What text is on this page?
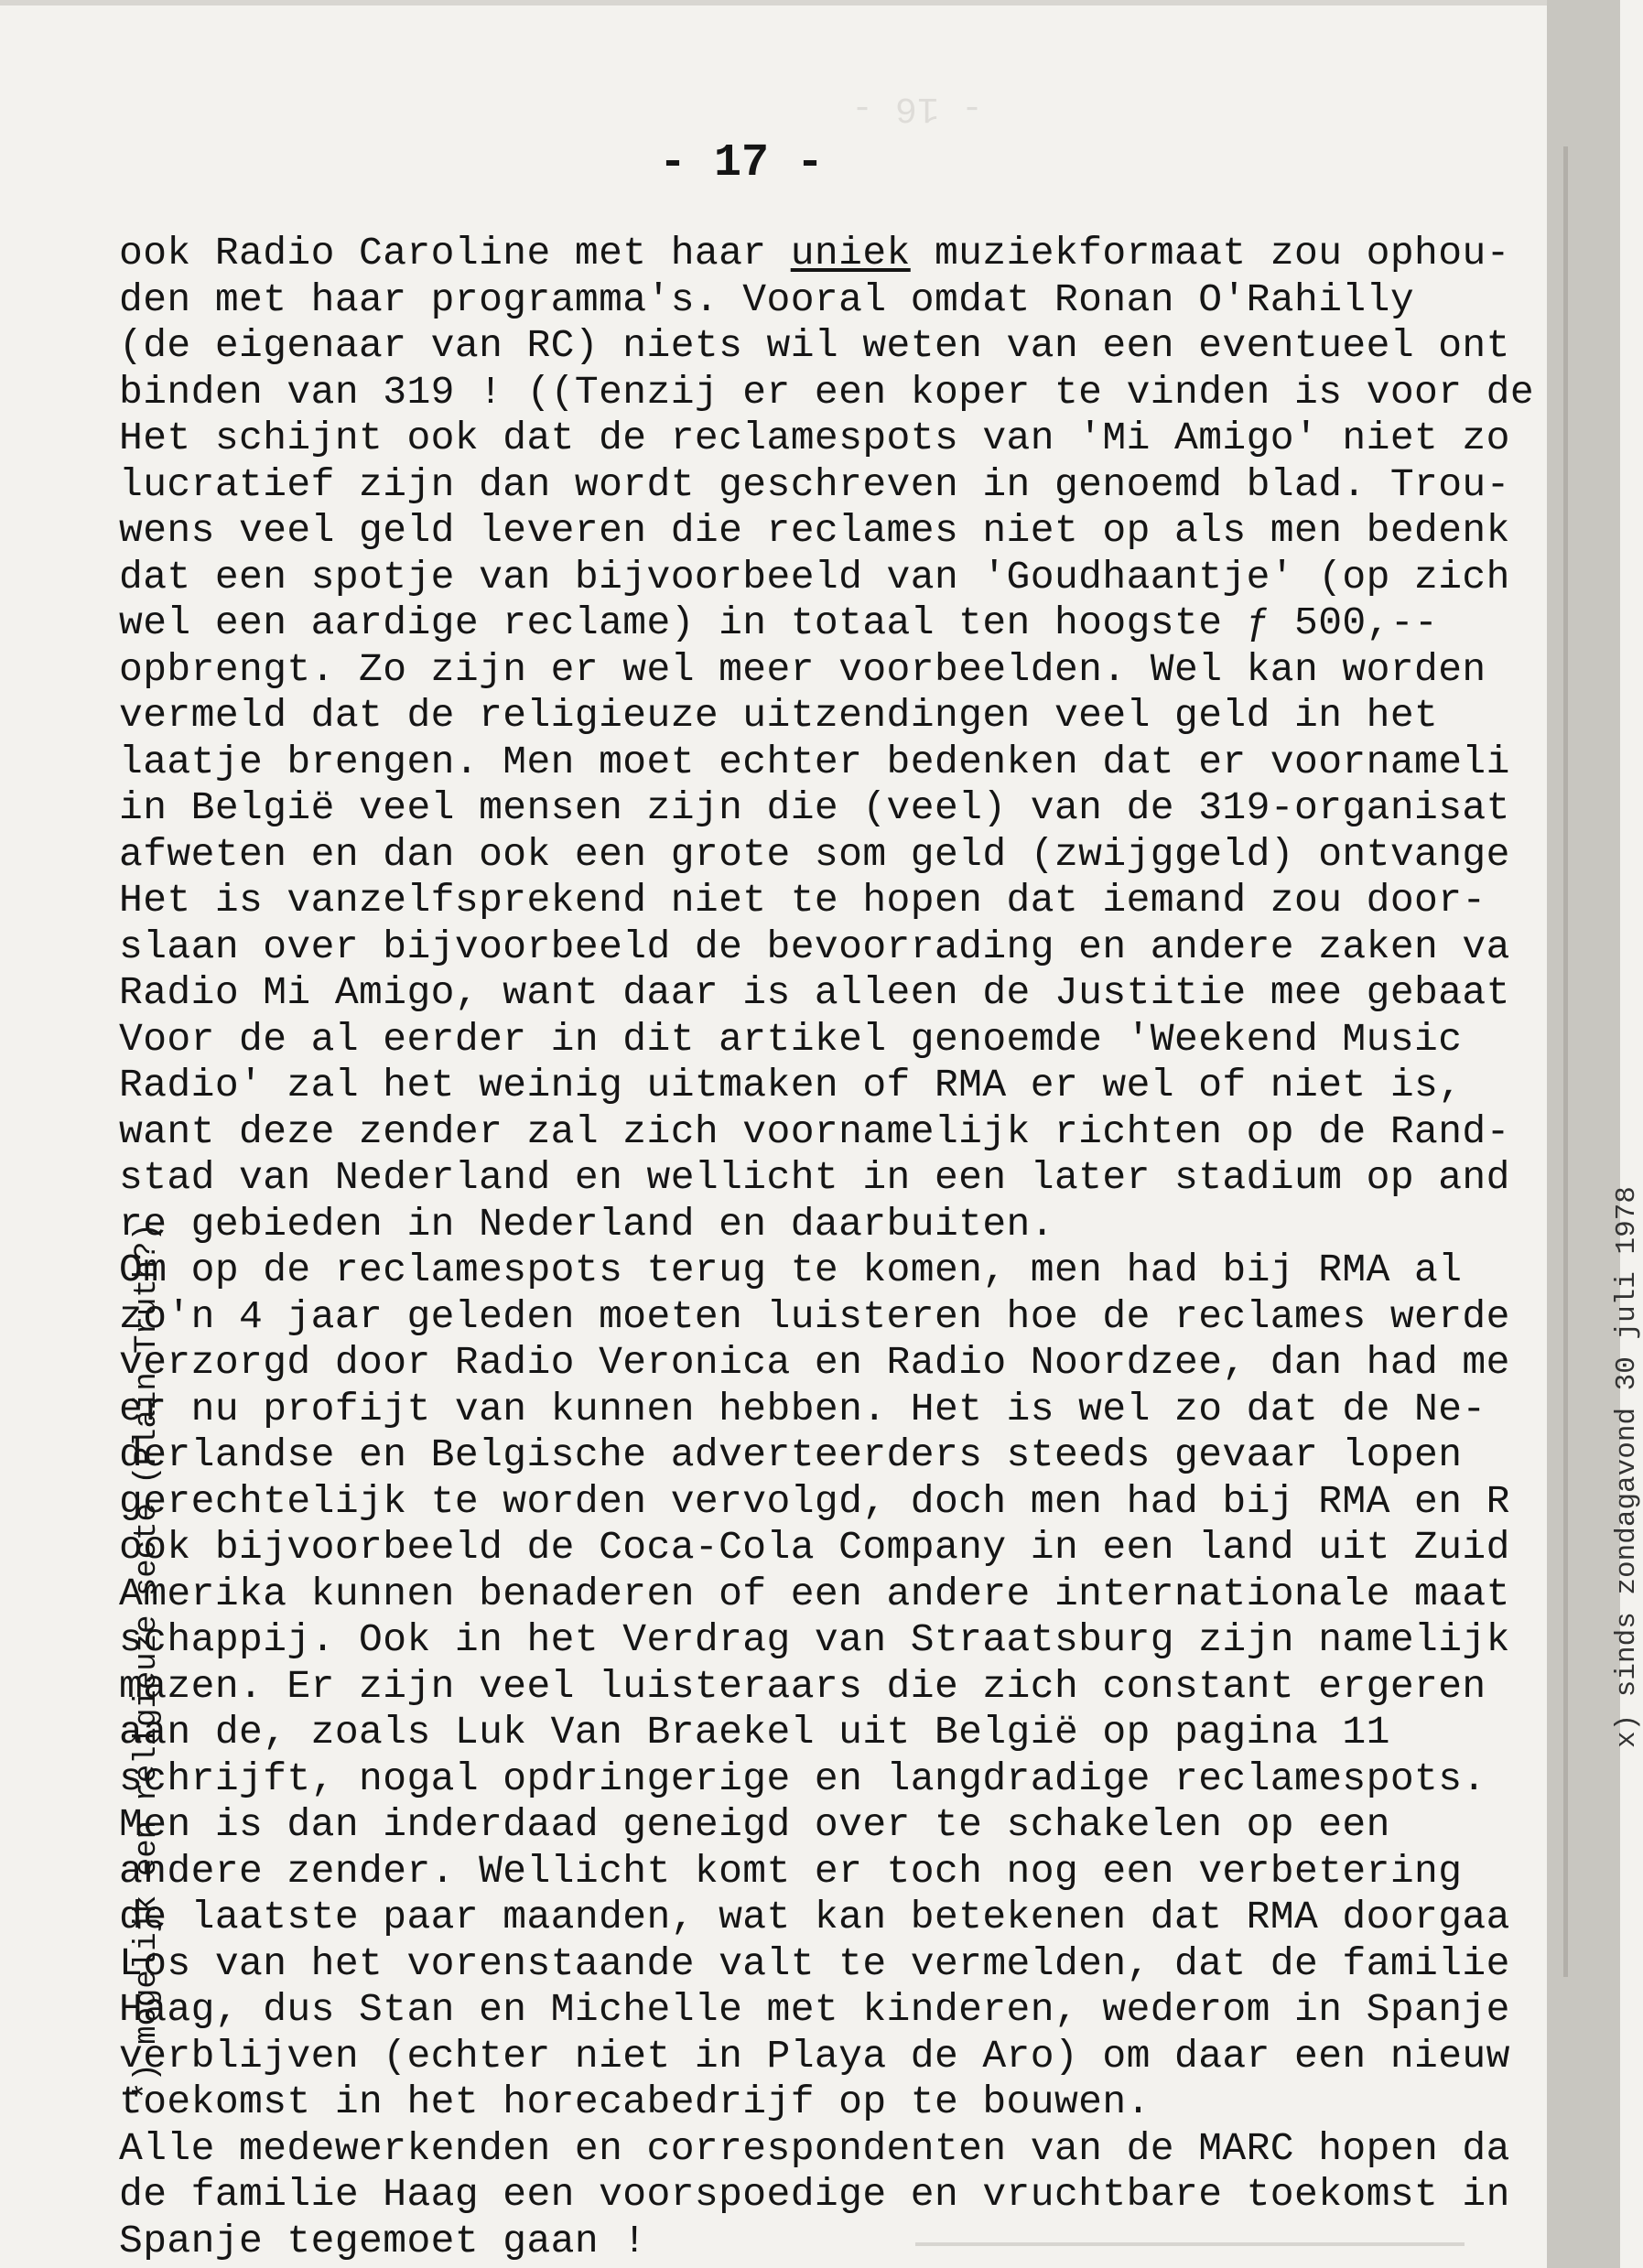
- 16 -
- 17 -
ook Radio Caroline met haar uniek muziekformaat zou ophou-
den met haar programma's. Vooral omdat Ronan O'Rahilly
(de eigenaar van RC) niets wil weten van een eventueel ont
binden van 319 ! ((Tenzij er een koper te vinden is voor de
Het schijnt ook dat de reclamespots van 'Mi Amigo' niet zo
lucratief zijn dan wordt geschreven in genoemd blad. Trou-
wens veel geld leveren die reclames niet op als men bedenk
dat een spotje van bijvoorbeeld van 'Goudhaantje' (op zich
wel een aardige reclame) in totaal ten hoogste ƒ 500,--
opbrengt. Zo zijn er wel meer voorbeelden. Wel kan worden
vermeld dat de religieuze uitzendingen veel geld in het
laatje brengen. Men moet echter bedenken dat er voornameli
in België veel mensen zijn die (veel) van de 319-organisat
afweten en dan ook een grote som geld (zwijggeld) ontvange
Het is vanzelfsprekend niet te hopen dat iemand zou door-
slaan over bijvoorbeeld de bevoorrading en andere zaken va
Radio Mi Amigo, want daar is alleen de Justitie mee gebaat
Voor de al eerder in dit artikel genoemde 'Weekend Music
Radio' zal het weinig uitmaken of RMA er wel of niet is,
want deze zender zal zich voornamelijk richten op de Rand-
stad van Nederland en wellicht in een later stadium op and
re gebieden in Nederland en daarbuiten.
Om op de reclamespots terug te komen, men had bij RMA al
zo'n 4 jaar geleden moeten luisteren hoe de reclames werde
verzorgd door Radio Veronica en Radio Noordzee, dan had me
er nu profijt van kunnen hebben. Het is wel zo dat de Ne-
derlandse en Belgische adverteerders steeds gevaar lopen
gerechtelijk te worden vervolgd, doch men had bij RMA en R
ook bijvoorbeeld de Coca-Cola Company in een land uit Zuid
Amerika kunnen benaderen of een andere internationale maat
schappij. Ook in het Verdrag van Straatsburg zijn namelijk
mazen. Er zijn veel luisteraars die zich constant ergeren
aan de, zoals Luk Van Braekel uit België op pagina 11
schrijft, nogal opdringerige en langdradige reclamespots.
Men is dan inderdaad geneigd over te schakelen op een
andere zender. Wellicht komt er toch nog een verbetering
de laatste paar maanden, wat kan betekenen dat RMA doorgaa
Los van het vorenstaande valt te vermelden, dat de familie
Haag, dus Stan en Michelle met kinderen, wederom in Spanje
verblijven (echter niet in Playa de Aro) om daar een nieuw
toekomst in het horecabedrijf op te bouwen.
Alle medewerkenden en correspondenten van de MARC hopen da
de familie Haag een voorspoedige en vruchtbare toekomst in
Spanje tegemoet gaan !
*) mogelijk een religieuze secte (Plain Truth?)	x) sinds zondagavond 30 juli 1978
